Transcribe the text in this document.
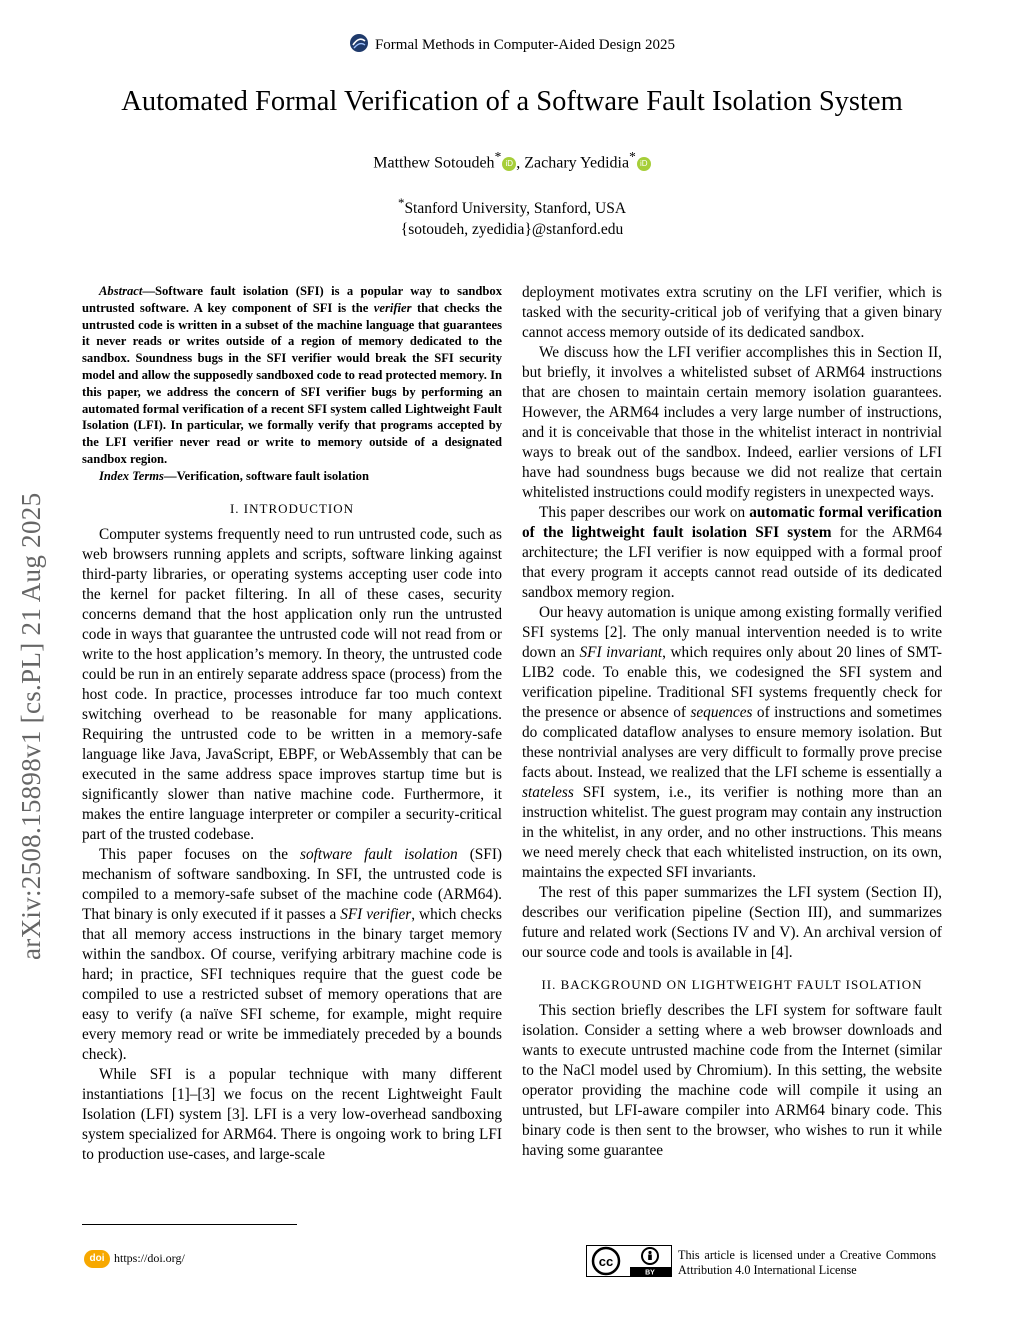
Formal Methods in Computer-Aided Design 2025
Automated Formal Verification of a Software Fault Isolation System
Matthew Sotoudeh* iD , Zachary Yedidia* iD
*Stanford University, Stanford, USA
{sotoudeh, zyedidia}@stanford.edu
arXiv:2508.15898v1 [cs.PL] 21 Aug 2025

Abstract—Software fault isolation (SFI) is a popular way to sandbox untrusted software. A key component of SFI is the verifier that checks the untrusted code is written in a subset of the machine language that guarantees it never reads or writes outside of a region of memory dedicated to the sandbox. Soundness bugs in the SFI verifier would break the SFI security model and allow the supposedly sandboxed code to read protected memory. In this paper, we address the concern of SFI verifier bugs by performing an automated formal verification of a recent SFI system called Lightweight Fault Isolation (LFI). In particular, we formally verify that programs accepted by the LFI verifier never read or write to memory outside of a designated sandbox region.

Index Terms—Verification, software fault isolation

I. INTRODUCTION

Computer systems frequently need to run untrusted code, such as web browsers running applets and scripts, software linking against third-party libraries, or operating systems accepting user code into the kernel for packet filtering. In all of these cases, security concerns demand that the host application only run the untrusted code in ways that guarantee the untrusted code will not read from or write to the host application’s memory. In theory, the untrusted code could be run in an entirely separate address space (process) from the host code. In practice, processes introduce far too much context switching overhead to be reasonable for many applications. Requiring the untrusted code to be written in a memory-safe language like Java, JavaScript, EBPF, or WebAssembly that can be executed in the same address space improves startup time but is significantly slower than native machine code. Furthermore, it makes the entire language interpreter or compiler a security-critical part of the trusted codebase.

This paper focuses on the software fault isolation (SFI) mechanism of software sandboxing. In SFI, the untrusted code is compiled to a memory-safe subset of the machine code (ARM64). That binary is only executed if it passes a SFI verifier, which checks that all memory access instructions in the binary target memory within the sandbox. Of course, verifying arbitrary machine code is hard; in practice, SFI techniques require that the guest code be compiled to use a restricted subset of memory operations that are easy to verify (a naïve SFI scheme, for example, might require every memory read or write be immediately preceded by a bounds check).

While SFI is a popular technique with many different instantiations [1]–[3] we focus on the recent Lightweight Fault Isolation (LFI) system [3]. LFI is a very low-overhead sandboxing system specialized for ARM64. There is ongoing work to bring LFI to production use-cases, and large-scale

deployment motivates extra scrutiny on the LFI verifier, which is tasked with the security-critical job of verifying that a given binary cannot access memory outside of its dedicated sandbox.

We discuss how the LFI verifier accomplishes this in Section II, but briefly, it involves a whitelisted subset of ARM64 instructions that are chosen to maintain certain memory isolation guarantees. However, the ARM64 includes a very large number of instructions, and it is conceivable that those in the whitelist interact in nontrivial ways to break out of the sandbox. Indeed, earlier versions of LFI have had soundness bugs because we did not realize that certain whitelisted instructions could modify registers in unexpected ways.

This paper describes our work on automatic formal verification of the lightweight fault isolation SFI system for the ARM64 architecture; the LFI verifier is now equipped with a formal proof that every program it accepts cannot read outside of its dedicated sandbox memory region.

Our heavy automation is unique among existing formally verified SFI systems [2]. The only manual intervention needed is to write down an SFI invariant, which requires only about 20 lines of SMT-LIB2 code. To enable this, we codesigned the SFI system and verification pipeline. Traditional SFI systems frequently check for the presence or absence of sequences of instructions and sometimes do complicated dataflow analyses to ensure memory isolation. But these nontrivial analyses are very difficult to formally prove precise facts about. Instead, we realized that the LFI scheme is essentially a stateless SFI system, i.e., its verifier is nothing more than an instruction whitelist. The guest program may contain any instruction in the whitelist, in any order, and no other instructions. This means we need merely check that each whitelisted instruction, on its own, maintains the expected SFI invariants.

The rest of this paper summarizes the LFI system (Section II), describes our verification pipeline (Section III), and summarizes future and related work (Sections IV and V). An archival version of our source code and tools is available in [4].

II. BACKGROUND ON LIGHTWEIGHT FAULT ISOLATION

This section briefly describes the LFI system for software fault isolation. Consider a setting where a web browser downloads and wants to execute untrusted machine code from the Internet (similar to the NaCl model used by Chromium). In this setting, the website operator providing the machine code will compile it using an untrusted, but LFI-aware compiler into ARM64 binary code. This binary code is then sent to the browser, who wishes to run it while having some guarantee

doi https://doi.org/	cc
BY
This article is licensed under a Creative Commons Attribution 4.0 International License
